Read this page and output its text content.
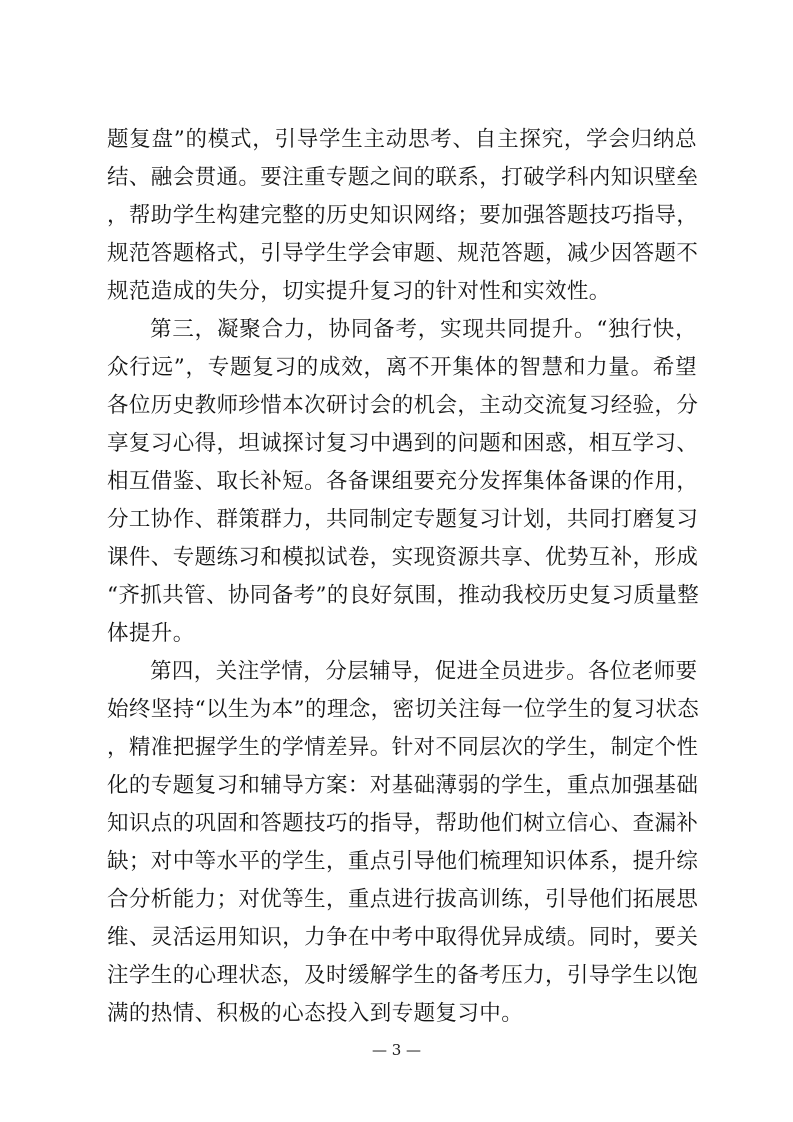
题复盘”的模式，引导学生主动思考、自主探究，学会归纳总
结、融会贯通。要注重专题之间的联系，打破学科内知识壁垒
，帮助学生构建完整的历史知识网络；要加强答题技巧指导，
规范答题格式，引导学生学会审题、规范答题，减少因答题不
规范造成的失分，切实提升复习的针对性和实效性。
第三，凝聚合力，协同备考，实现共同提升。“独行快，
众行远”，专题复习的成效，离不开集体的智慧和力量。希望
各位历史教师珍惜本次研讨会的机会，主动交流复习经验，分
享复习心得，坦诚探讨复习中遇到的问题和困惑，相互学习、
相互借鉴、取长补短。各备课组要充分发挥集体备课的作用，
分工协作、群策群力，共同制定专题复习计划，共同打磨复习
课件、专题练习和模拟试卷，实现资源共享、优势互补，形成
“齐抓共管、协同备考”的良好氛围，推动我校历史复习质量整
体提升。
第四，关注学情，分层辅导，促进全员进步。各位老师要
始终坚持“以生为本”的理念，密切关注每一位学生的复习状态
，精准把握学生的学情差异。针对不同层次的学生，制定个性
化的专题复习和辅导方案：对基础薄弱的学生，重点加强基础
知识点的巩固和答题技巧的指导，帮助他们树立信心、查漏补
缺；对中等水平的学生，重点引导他们梳理知识体系，提升综
合分析能力；对优等生，重点进行拔高训练，引导他们拓展思
维、灵活运用知识，力争在中考中取得优异成绩。同时，要关
注学生的心理状态，及时缓解学生的备考压力，引导学生以饱
满的热情、积极的心态投入到专题复习中。
— 3 —
